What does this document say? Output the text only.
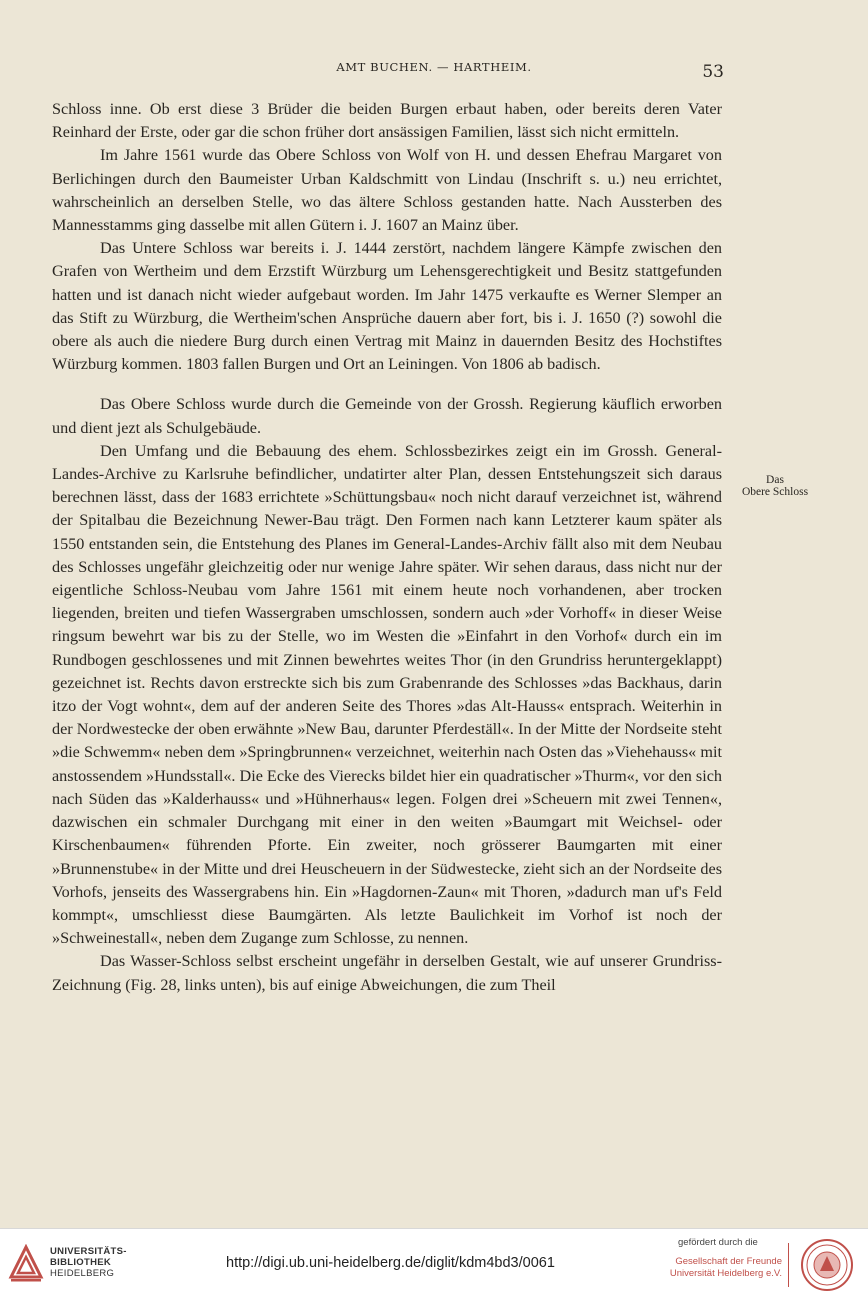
AMT BUCHEN. — HARTHEIM.	53

Schloss inne. Ob erst diese 3 Brüder die beiden Burgen erbaut haben, oder bereits deren Vater Reinhard der Erste, oder gar die schon früher dort ansässigen Familien, lässt sich nicht ermitteln.

Im Jahre 1561 wurde das Obere Schloss von Wolf von H. und dessen Ehefrau Margaret von Berlichingen durch den Baumeister Urban Kaldschmitt von Lindau (Inschrift s. u.) neu errichtet, wahrscheinlich an derselben Stelle, wo das ältere Schloss gestanden hatte. Nach Aussterben des Mannesstamms ging dasselbe mit allen Gütern i. J. 1607 an Mainz über.

Das Untere Schloss war bereits i. J. 1444 zerstört, nachdem längere Kämpfe zwischen den Grafen von Wertheim und dem Erzstift Würzburg um Lehensgerechtigkeit und Besitz stattgefunden hatten und ist danach nicht wieder aufgebaut worden. Im Jahr 1475 verkaufte es Werner Slemper an das Stift zu Würzburg, die Wertheim'schen Ansprüche dauern aber fort, bis i. J. 1650 (?) sowohl die obere als auch die niedere Burg durch einen Vertrag mit Mainz in dauernden Besitz des Hochstiftes Würzburg kommen. 1803 fallen Burgen und Ort an Leiningen. Von 1806 ab badisch.

Das Obere Schloss wurde durch die Gemeinde von der Grossh. Regierung käuflich erworben und dient jezt als Schulgebäude.

Den Umfang und die Bebauung des ehem. Schlossbezirkes zeigt ein im Grossh. General-Landes-Archive zu Karlsruhe befindlicher, undatirter alter Plan, dessen Entstehungszeit sich daraus berechnen lässt, dass der 1683 errichtete »Schüttungsbau« noch nicht darauf verzeichnet ist, während der Spitalbau die Bezeichnung Newer-Bau trägt. Den Formen nach kann Letzterer kaum später als 1550 entstanden sein, die Entstehung des Planes im General-Landes-Archiv fällt also mit dem Neubau des Schlosses ungefähr gleichzeitig oder nur wenige Jahre später. Wir sehen daraus, dass nicht nur der eigentliche Schloss-Neubau vom Jahre 1561 mit einem heute noch vorhandenen, aber trocken liegenden, breiten und tiefen Wassergraben umschlossen, sondern auch »der Vorhoff« in dieser Weise ringsum bewehrt war bis zu der Stelle, wo im Westen die »Einfahrt in den Vorhof« durch ein im Rundbogen geschlossenes und mit Zinnen bewehrtes weites Thor (in den Grundriss heruntergeklappt) gezeichnet ist. Rechts davon erstreckte sich bis zum Grabenrande des Schlosses »das Backhaus, darin itzo der Vogt wohnt«, dem auf der anderen Seite des Thores »das Alt-Hauss« entsprach. Weiterhin in der Nordwestecke der oben erwähnte »New Bau, darunter Pferdeställ«. In der Mitte der Nordseite steht »die Schwemm« neben dem »Springbrunnen« verzeichnet, weiterhin nach Osten das »Viehehauss« mit anstossendem »Hundsstall«. Die Ecke des Vierecks bildet hier ein quadratischer »Thurm«, vor den sich nach Süden das »Kalderhauss« und »Hühnerhaus« legen. Folgen drei »Scheuern mit zwei Tennen«, dazwischen ein schmaler Durchgang mit einer in den weiten »Baumgart mit Weichsel- oder Kirschenbaumen« führenden Pforte. Ein zweiter, noch grösserer Baumgarten mit einer »Brunnenstube« in der Mitte und drei Heuscheuern in der Südwestecke, zieht sich an der Nordseite des Vorhofs, jenseits des Wassergrabens hin. Ein »Hagdornen-Zaun« mit Thoren, »dadurch man uf's Feld kommpt«, umschliesst diese Baumgärten. Als letzte Baulichkeit im Vorhof ist noch der »Schweinestall«, neben dem Zugange zum Schlosse, zu nennen.

Das Wasser-Schloss selbst erscheint ungefähr in derselben Gestalt, wie auf unserer Grundriss-Zeichnung (Fig. 28, links unten), bis auf einige Abweichungen, die zum Theil

Das
Obere Schloss
UNIVERSITÄTS-
BIBLIOTHEK
HEIDELBERG
http://digi.ub.uni-heidelberg.de/diglit/kdm4bd3/0061
gefördert durch die
Gesellschaft der Freunde
Universität Heidelberg e.V.
